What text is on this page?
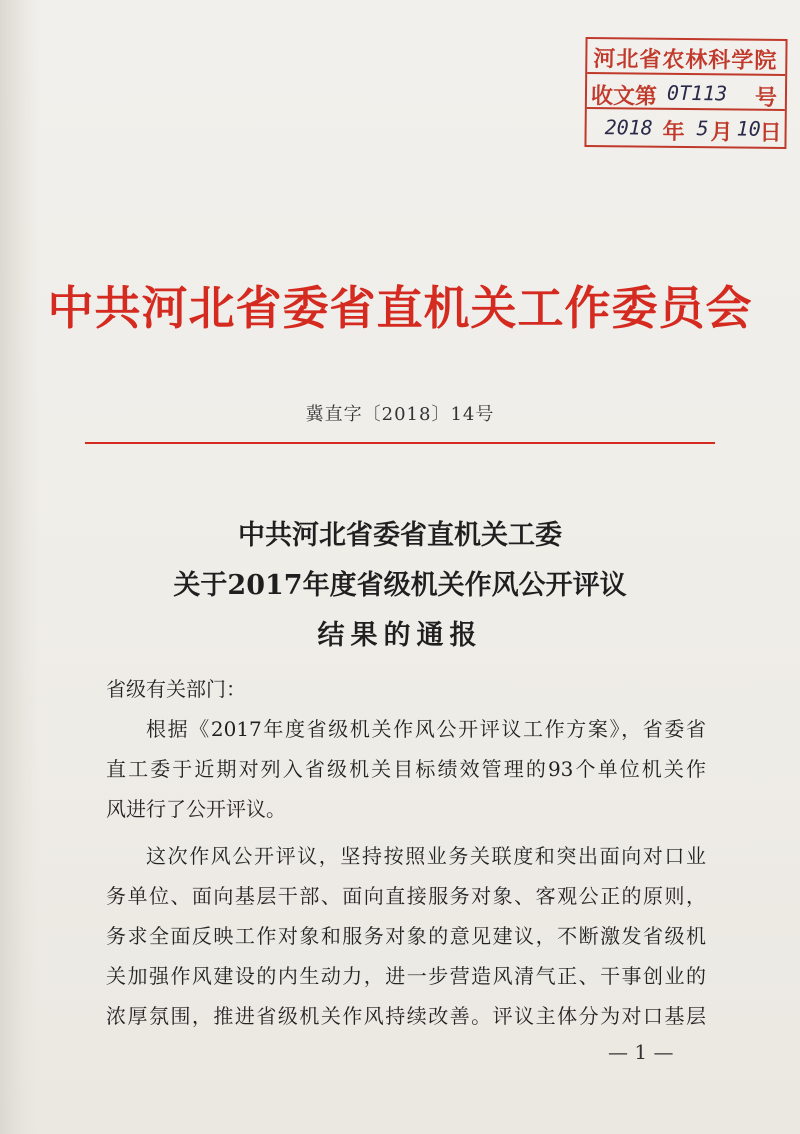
河北省农林科学院
收文第 0T113 号
2018 年 5 月 10
日
中共河北省委省直机关工作委员会
冀直字〔2018〕14号
中共河北省委省直机关工委
关于2017年度省级机关作风公开评议
结果的通报
省级有关部门：
根据《2017年度省级机关作风公开评议工作方案》，省委省
直工委于近期对列入省级机关目标绩效管理的93个单位机关作
风进行了公开评议。
这次作风公开评议，坚持按照业务关联度和突出面向对口业
务单位、面向基层干部、面向直接服务对象、客观公正的原则，
务求全面反映工作对象和服务对象的意见建议，不断激发省级机
关加强作风建设的内生动力，进一步营造风清气正、干事创业的
浓厚氛围，推进省级机关作风持续改善。评议主体分为对口基层
— 1 —
